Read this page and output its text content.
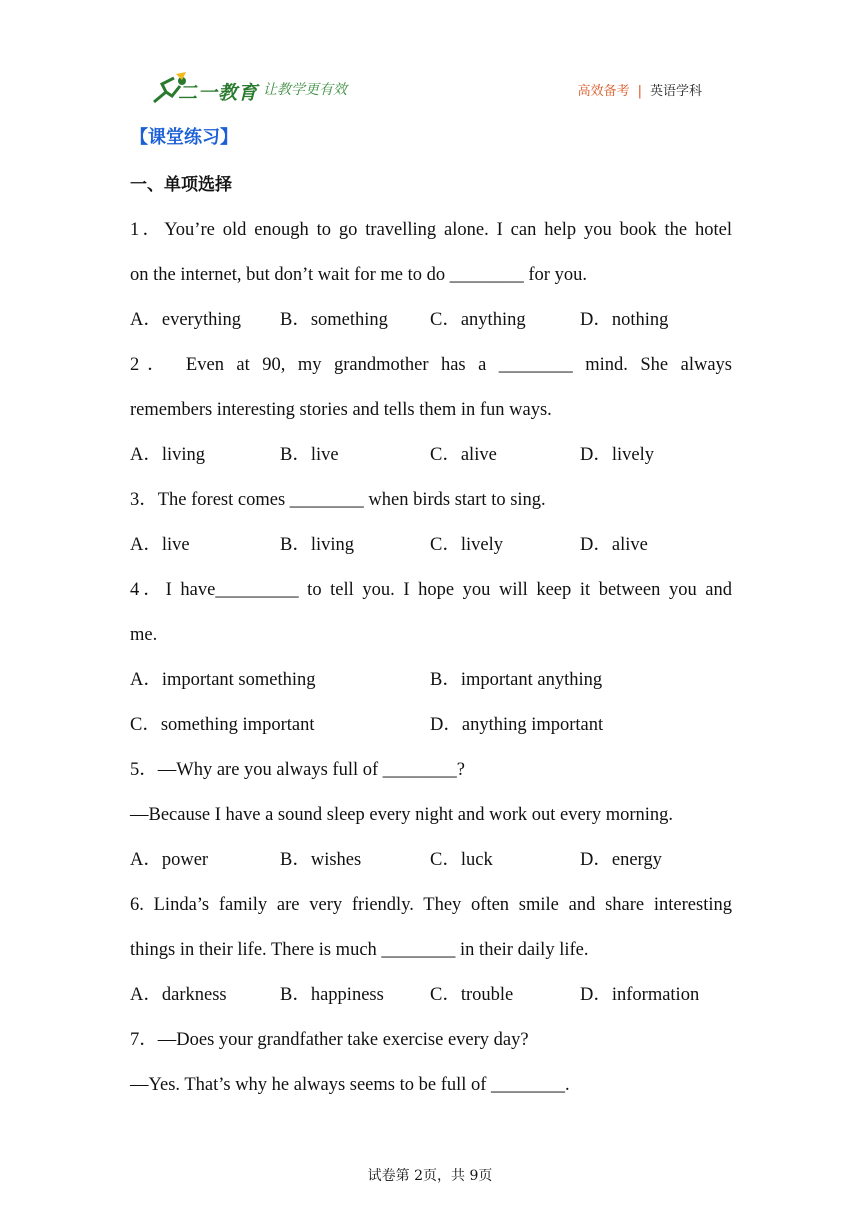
二一教育 让教学更有效	高效备考 | 英语学科
【课堂练习】
一、单项选择
1．You’re old enough to go travelling alone. I can help you book the hotel
on the internet, but don’t wait for me to do ________ for you.
A．everything	B．something	C．anything	D．nothing
2． Even at 90, my grandmother has a ________ mind. She always
remembers interesting stories and tells them in fun ways.
A．living	B．live	C．alive	D．lively
3．The forest comes ________ when birds start to sing.
A．live	B．living	C．lively	D．alive
4．I have_________ to tell you. I hope you will keep it between you and
me.
A．important something	B．important anything
C．something important	D．anything important
5．—Why are you always full of ________?
—Because I have a sound sleep every night and work out every morning.
A．power	B．wishes	C．luck	D．energy
6. Linda’s family are very friendly. They often smile and share interesting
things in their life. There is much ________ in their daily life.
A．darkness	B．happiness	C．trouble	D．information
7．—Does your grandfather take exercise every day?
—Yes. That’s why he always seems to be full of ________.
试卷第 2页，共 9页
